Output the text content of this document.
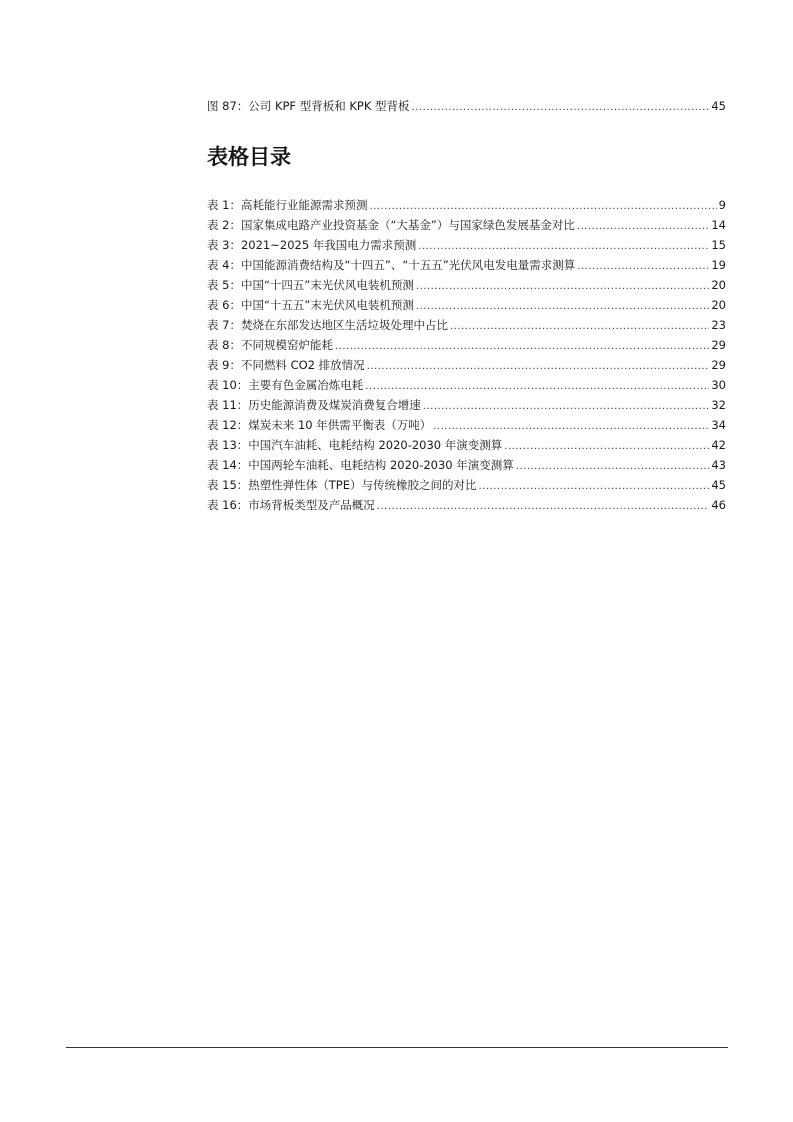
图 87：公司 KPF 型背板和 KPK 型背板 .....	45
表格目录
表 1：高耗能行业能源需求预测 .....	9
表 2：国家集成电路产业投资基金（“大基金”）与国家绿色发展基金对比 .....	14
表 3：2021~2025 年我国电力需求预测 .....	15
表 4：中国能源消费结构及“十四五”、“十五五”光伏风电发电量需求测算 .....	19
表 5：中国“十四五”末光伏风电装机预测 .....	20
表 6：中国“十五五”末光伏风电装机预测 .....	20
表 7：焚烧在东部发达地区生活垃圾处理中占比 .....	23
表 8：不同规模窑炉能耗 .....	29
表 9：不同燃料 CO2 排放情况 .....	29
表 10：主要有色金属冶炼电耗 .....	30
表 11：历史能源消费及煤炭消费复合增速 .....	32
表 12：煤炭未来 10 年供需平衡表（万吨） .....	34
表 13：中国汽车油耗、电耗结构 2020-2030 年演变测算 .....	42
表 14：中国两轮车油耗、电耗结构 2020-2030 年演变测算 .....	43
表 15：热塑性弹性体（TPE）与传统橡胶之间的对比 .....	45
表 16：市场背板类型及产品概况 .....	46
